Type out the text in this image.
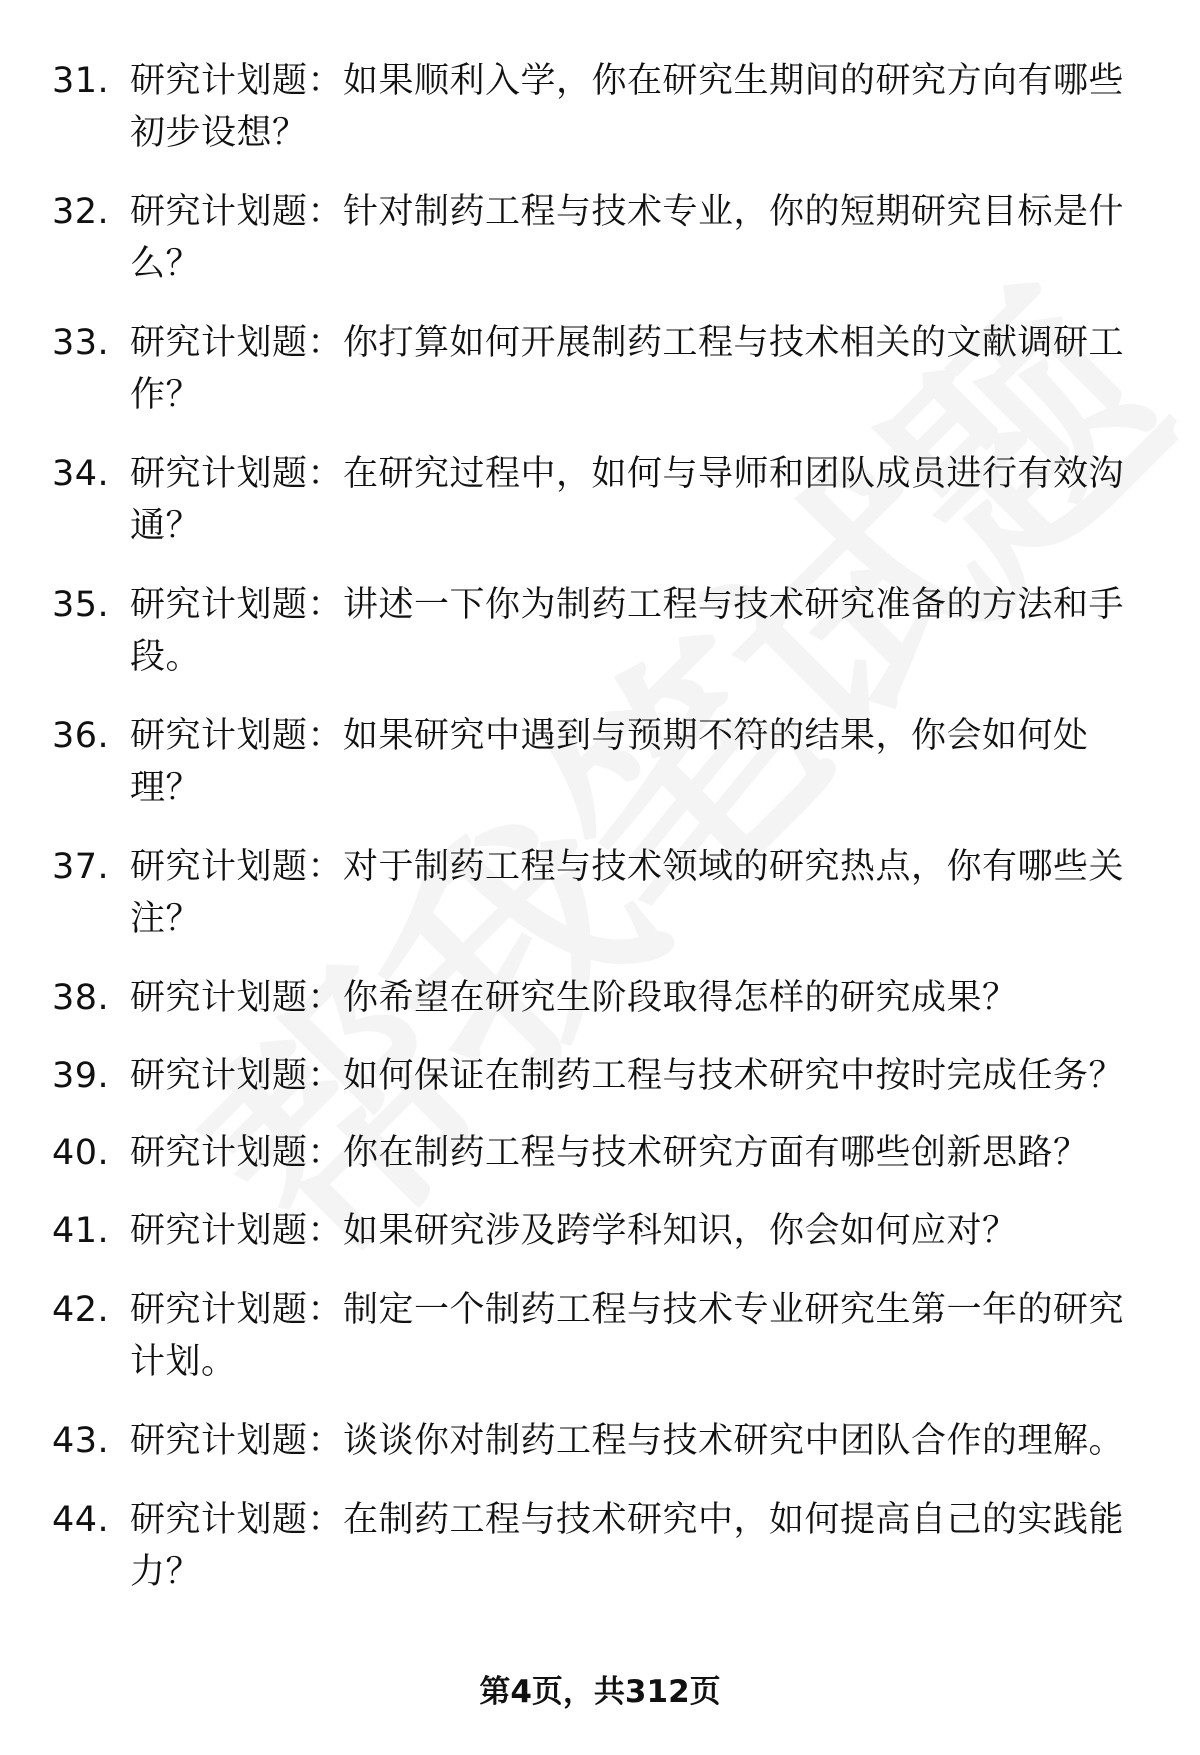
31. 研究计划题：如果顺利入学，你在研究生期间的研究方向有哪些初步设想？
32. 研究计划题：针对制药工程与技术专业，你的短期研究目标是什么？
33. 研究计划题：你打算如何开展制药工程与技术相关的文献调研工作？
34. 研究计划题：在研究过程中，如何与导师和团队成员进行有效沟通？
35. 研究计划题：讲述一下你为制药工程与技术研究准备的方法和手段。
36. 研究计划题：如果研究中遇到与预期不符的结果，你会如何处理？
37. 研究计划题：对于制药工程与技术领域的研究热点，你有哪些关注？
38. 研究计划题：你希望在研究生阶段取得怎样的研究成果？
39. 研究计划题：如何保证在制药工程与技术研究中按时完成任务？
40. 研究计划题：你在制药工程与技术研究方面有哪些创新思路？
41. 研究计划题：如果研究涉及跨学科知识，你会如何应对？
42. 研究计划题：制定一个制药工程与技术专业研究生第一年的研究计划。
43. 研究计划题：谈谈你对制药工程与技术研究中团队合作的理解。
44. 研究计划题：在制药工程与技术研究中，如何提高自己的实践能力？
第4页，共312页
